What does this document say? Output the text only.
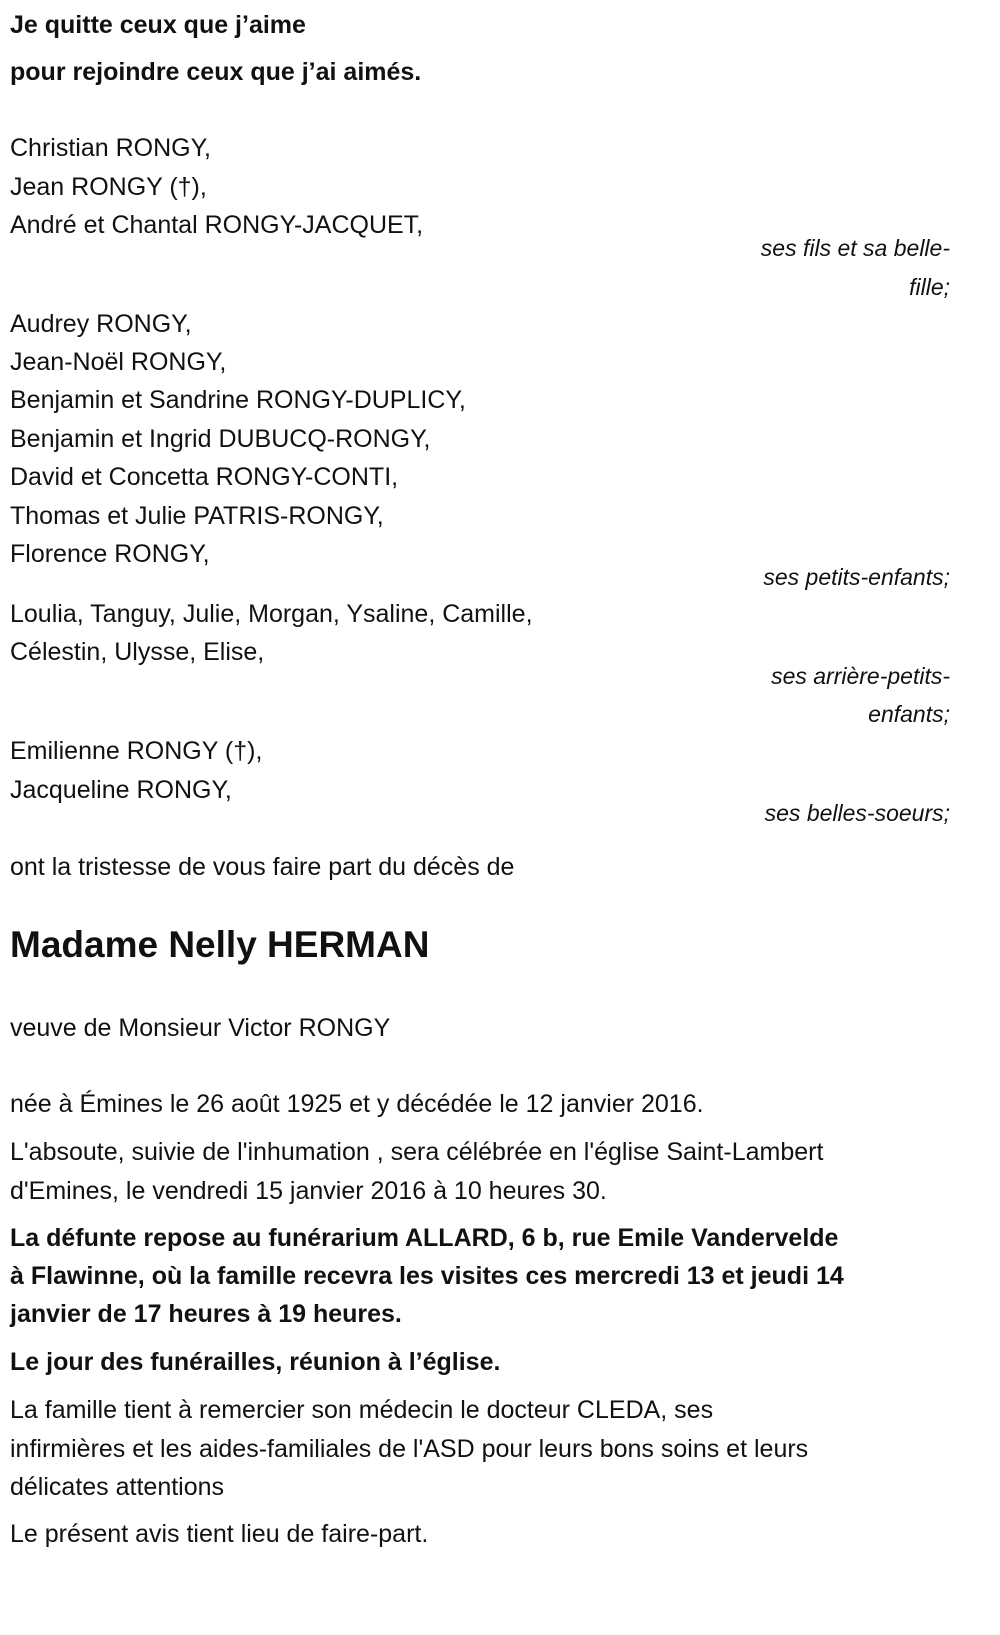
Je quitte ceux que j’aime
pour rejoindre ceux que j’ai aimés.
Christian RONGY,
Jean RONGY (†),
André et Chantal RONGY-JACQUET,
ses fils et sa belle-
fille;
Audrey RONGY,
Jean-Noël RONGY,
Benjamin et Sandrine RONGY-DUPLICY,
Benjamin et Ingrid DUBUCQ-RONGY,
David et Concetta RONGY-CONTI,
Thomas et Julie PATRIS-RONGY,
Florence RONGY,
ses petits-enfants;
Loulia, Tanguy, Julie, Morgan, Ysaline, Camille,
Célestin, Ulysse, Elise,
ses arrière-petits-
enfants;
Emilienne RONGY (†),
Jacqueline RONGY,
ses belles-soeurs;
ont la tristesse de vous faire part du décès de
Madame Nelly HERMAN
veuve de Monsieur Victor RONGY
née à Émines le 26 août 1925 et y décédée le 12 janvier 2016.
L'absoute, suivie de l'inhumation , sera célébrée en l'église Saint-Lambert
d'Emines, le vendredi 15 janvier 2016 à 10 heures 30.
La défunte repose au funérarium ALLARD, 6 b, rue Emile Vandervelde
à Flawinne, où la famille recevra les visites ces mercredi 13 et jeudi 14
janvier de 17 heures à 19 heures.
Le jour des funérailles, réunion à l’église.
La famille tient à remercier son médecin le docteur CLEDA, ses
infirmières et les aides-familiales de l'ASD pour leurs bons soins et leurs
délicates attentions
Le présent avis tient lieu de faire-part.
